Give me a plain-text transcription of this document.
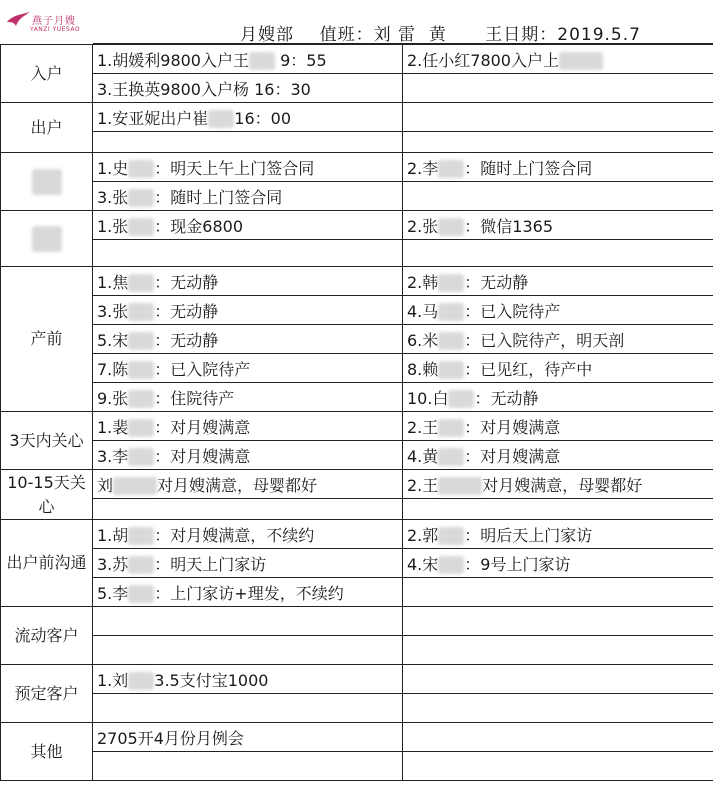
燕子月嫂
YANZI YUESAO	月嫂部    值班：刘 雷  黄      王日期：2019.5.7
入户	1.胡媛利9800入户王 9：55	2.任小红7800入户上
	3.王换英9800入户杨 16：30	
出户	1.安亚妮出户崔 16：00	

	1.史 ：明天上午上门签合同	2.李 ：随时上门签合同
	3.张 ：随时上门签合同	
	1.张 ：现金6800	2.张 ：微信1365

产前	1.焦 ：无动静	2.韩 ：无动静
	3.张 ：无动静	4.马 ：已入院待产
	5.宋 ：无动静	6.米 ：已入院待产，明天剖
	7.陈 ：已入院待产	8.赖 ：已见红，待产中
	9.张 ：住院待产	10.白 ：无动静
3天内关心	1.裴 ：对月嫂满意	2.王 ：对月嫂满意
	3.李 ：对月嫂满意	4.黄 ：对月嫂满意
10-15天关心	刘 对月嫂满意，母婴都好	2.王 对月嫂满意，母婴都好

出户前沟通	1.胡 ：对月嫂满意，不续约	2.郭 ：明后天上门家访
	3.苏 ：明天上门家访	4.宋 ：9号上门家访
	5.李 ：上门家访+理发，不续约	
流动客户		

预定客户	1.刘 3.5支付宝1000	

其他	2705开4月份月例会	
